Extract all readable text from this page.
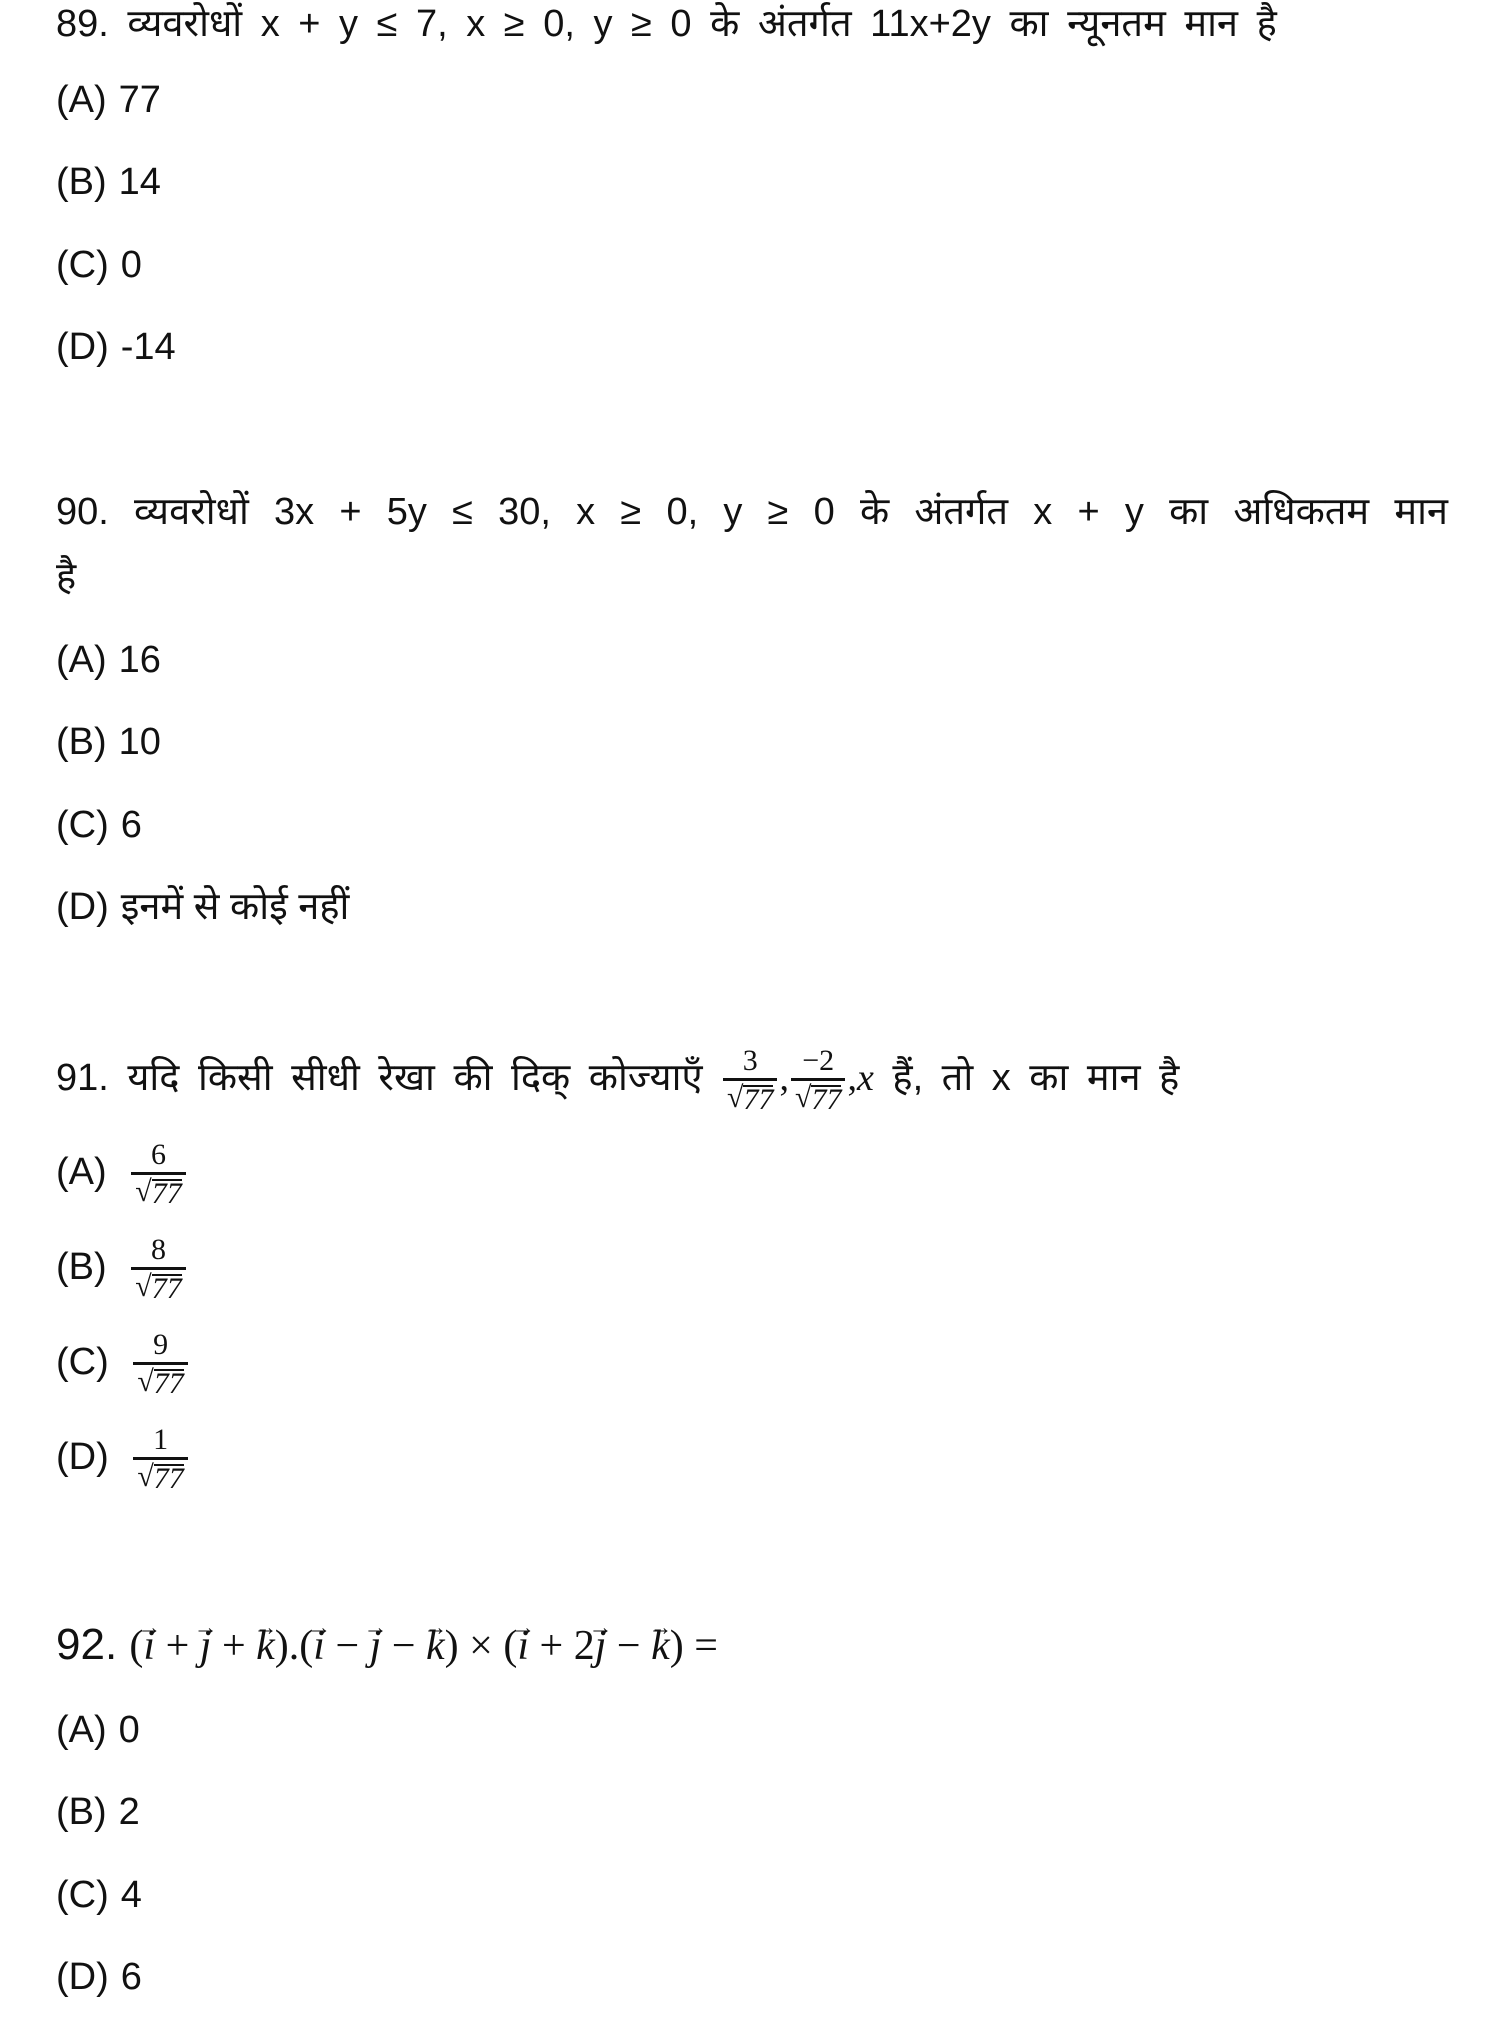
89. व्यवरोधों x + y ≤ 7, x ≥ 0, y ≥ 0 के अंतर्गत 11x+2y का न्यूनतम मान है
(A) 77
(B) 14
(C) 0
(D) -14
90. व्यवरोधों 3x + 5y ≤ 30, x ≥ 0, y ≥ 0 के अंतर्गत x + y का अधिकतम मान
है
(A) 16
(B) 10
(C) 6
(D) इनमें से कोई नहीं
91. यदि किसी सीधी रेखा की दिक् कोज्याएँ $\frac{3}{√ 77}$ , $\frac{-2}{√ 77} ,x$ हैं, तो x का मान है
$(A) \frac{6}{√ 77}$
$(B) \frac{8}{√ 77}$
$(C) \frac{9}{√ 77}$
$(D) \frac{1}{√ 77}$
92. (→ i + → j + → k).(→ i − → j − → k) × (→ i + 2→ j − → k) =
(A) 0
(B) 2
(C) 4
(D) 6
